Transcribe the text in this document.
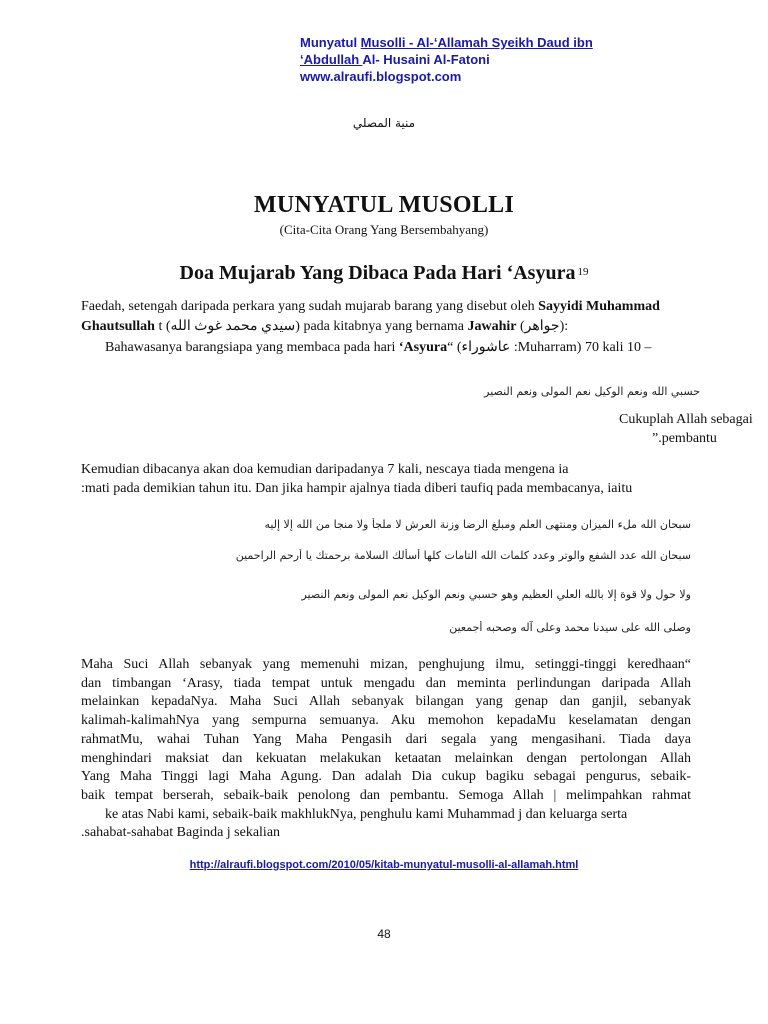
Munyatul Musolli - Al-‘Allamah Syeikh Daud ibn
‘Abdullah Al- Husaini Al-Fatoni
www.alraufi.blogspot.com
منية المصلي
MUNYATUL MUSOLLI
(Cita-Cita Orang Yang Bersembahyang)
Doa Mujarab Yang Dibaca Pada Hari ‘Asyura $^{19}$
Faedah, setengah daripada perkara yang sudah mujarab barang yang disebut oleh Sayyidi Muhammad Ghautsullah t (سيدي محمد غوث الله) pada kitabnya yang bernama Jawahir (جواهر):
Bahawasanya barangsiapa yang membaca pada hari ‘Asyura“ (عاشوراء :Muharram) 70 kali 10 –
حسبي الله ونعم الوكيل نعم المولى ونعم النصير
Cukuplah Allah sebagai
”.pembantu
Kemudian dibacanya akan doa kemudian daripadanya 7 kali, nescaya tiada mengena ia
:mati pada demikian tahun itu. Dan jika hampir ajalnya tiada diberi taufiq pada membacanya, iaitu
سبحان الله ملء الميزان ومنتهى العلم ومبلغ الرضا وزنة العرش لا ملجأ ولا منجا من الله إلا إليه
سبحان الله عدد الشفع والوتر وعدد كلمات الله التامات كلها أسألك السلامة برحمتك يا أرحم الراحمين
ولا حول ولا قوة إلا بالله العلي العظيم وهو حسبي ونعم الوكيل نعم المولى ونعم النصير
وصلى الله على سيدنا محمد وعلى آله وصحبه أجمعين
Maha Suci Allah sebanyak yang memenuhi mizan, penghujung ilmu, setinggi-tinggi keredhaan“
dan timbangan ‘Arasy, tiada tempat untuk mengadu dan meminta perlindungan daripada Allah
melainkan kepadaNya. Maha Suci Allah sebanyak bilangan yang genap dan ganjil, sebanyak
kalimah-kalimahNya yang sempurna semuanya. Aku memohon kepadaMu keselamatan dengan
rahmatMu, wahai Tuhan Yang Maha Pengasih dari segala yang mengasihani. Tiada daya
menghindari maksiat dan kekuatan melakukan ketaatan melainkan dengan pertolongan Allah
Yang Maha Tinggi lagi Maha Agung. Dan adalah Dia cukup bagiku sebagai pengurus, sebaik-
baik tempat berserah, sebaik-baik penolong dan pembantu. Semoga Allah | melimpahkan rahmat
ke atas Nabi kami, sebaik-baik makhlukNya, penghulu kami Muhammad j dan keluarga serta
.sahabat-sahabat Baginda j sekalian
http://alraufi.blogspot.com/2010/05/kitab-munyatul-musolli-al-allamah.html
48
